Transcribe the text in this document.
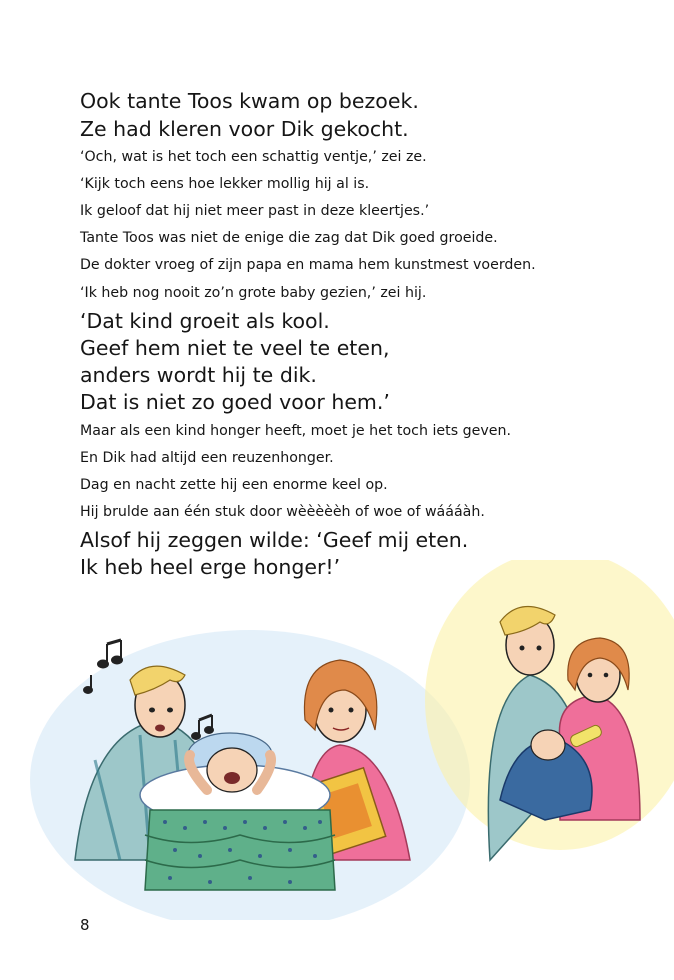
Ook tante Toos kwam op bezoek.
Ze had kleren voor Dik gekocht.
‘Och, wat is het toch een schattig ventje,’ zei ze.
‘Kijk toch eens hoe lekker mollig hij al is.
Ik geloof dat hij niet meer past in deze kleertjes.’
Tante Toos was niet de enige die zag dat Dik goed groeide.
De dokter vroeg of zijn papa en mama hem kunstmest voerden.
‘Ik heb nog nooit zo’n grote baby gezien,’ zei hij.
‘Dat kind groeit als kool.
Geef hem niet te veel te eten,
anders wordt hij te dik.
Dat is niet zo goed voor hem.’
Maar als een kind honger heeft, moet je het toch iets geven.
En Dik had altijd een reuzenhonger.
Dag en nacht zette hij een enorme keel op.
Hij brulde aan één stuk door wèèèèèh of woe of wáááàh.
Alsof hij zeggen wilde: ‘Geef mij eten.
Ik heb heel erge honger!’
8
